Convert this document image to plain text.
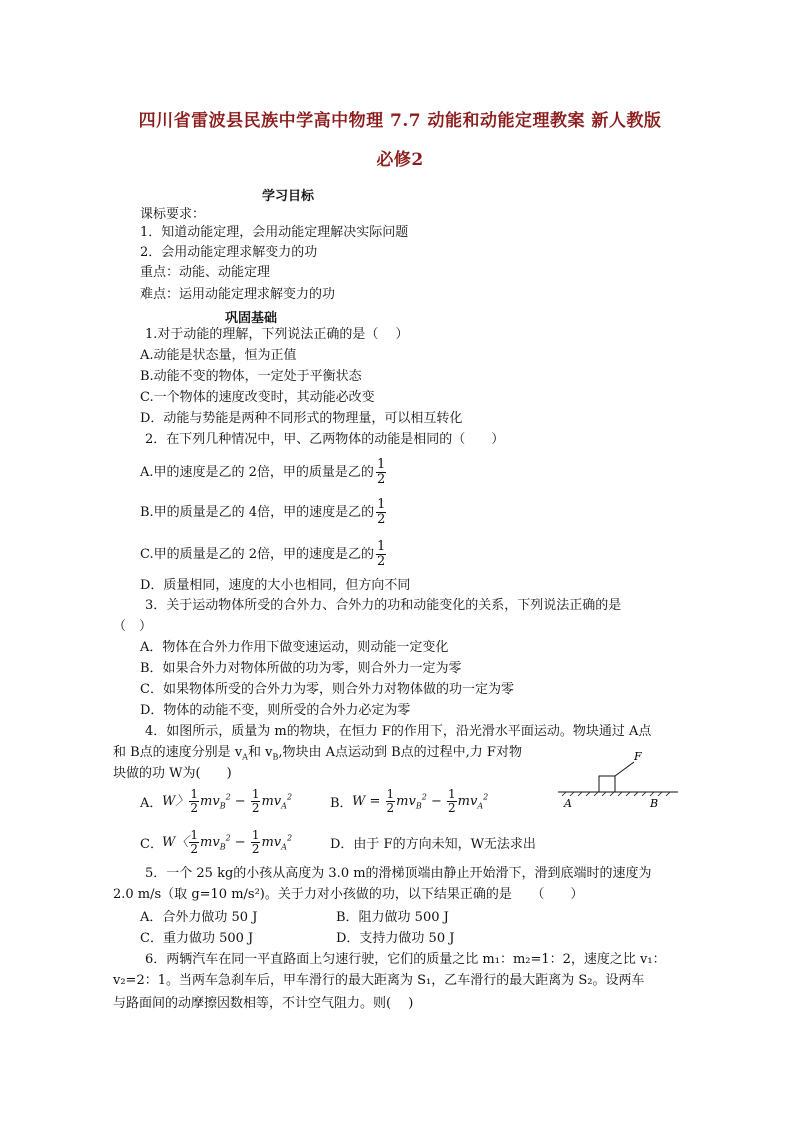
四川省雷波县民族中学高中物理 7.7 动能和动能定理教案 新人教版
必修2
学习目标
课标要求：
1．知道动能定理，会用动能定理解决实际问题
2．会用动能定理求解变力的功
重点：动能、动能定理
难点：运用动能定理求解变力的功
巩固基础
1.对于动能的理解，下列说法正确的是（　 ）
A.动能是状态量，恒为正值
B.动能不变的物体，一定处于平衡状态
C.一个物体的速度改变时，其动能必改变
D．动能与势能是两种不同形式的物理量，可以相互转化
2．在下列几种情况中，甲、乙两物体的动能是相同的（　　）
A.甲的速度是乙的 2倍，甲的质量是乙的 $\frac{1}{2}$
B.甲的质量是乙的 4倍，甲的速度是乙的 $\frac{1}{2}$
C.甲的质量是乙的 2倍，甲的速度是乙的 $\frac{1}{2}$
D．质量相同，速度的大小也相同，但方向不同
3．关于运动物体所受的合外力、合外力的功和动能变化的关系，下列说法正确的是
（　）
A．物体在合外力作用下做变速运动，则动能一定变化
B．如果合外力对物体所做的功为零，则合外力一定为零
C．如果物体所受的合外力为零，则合外力对物体做的功一定为零
D．物体的动能不变，则所受的合外力必定为零
4．如图所示，质量为 m的物块，在恒力 F的作用下，沿光滑水平面运动。物块通过 A点
和 B点的速度分别是 $v_A$和 $v_B$,物块由 A点运动到 B点的过程中,力 F对物
块做的功 W为(　　)
A． W〉 $\frac{1}{2} mv_B^2 - \frac{1}{2} mv_A^2$	B． $W = \frac{1}{2} mv_B^2 - \frac{1}{2} mv_A^2$
C． W〈 $\frac{1}{2} mv_B^2 - \frac{1}{2} mv_A^2$	D．由于 F的方向未知，W无法求出
F
A	B
5．一个 25 kg的小孩从高度为 3.0 m的滑梯顶端由静止开始滑下，滑到底端时的速度为
2.0 m/s（取 g=10 m/s²)。关于力对小孩做的功，以下结果正确的是　　（　　）
A．合外力做功 50 J	B．阻力做功 500 J
C．重力做功 500 J	D．支持力做功 50 J
6．两辆汽车在同一平直路面上匀速行驶，它们的质量之比 m₁：m₂=1：2，速度之比 v₁：
v₂=2：1。当两车急刹车后，甲车滑行的最大距离为 S₁，乙车滑行的最大距离为 S₂。设两车
与路面间的动摩擦因数相等，不计空气阻力。则(　 )
